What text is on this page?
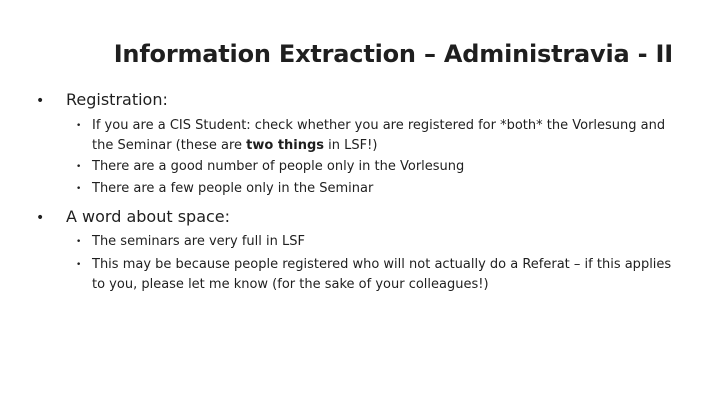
Information Extraction – Administravia - II
•	Registration:
• If you are a CIS Student: check whether you are registered for *both* the Vorlesung and the Seminar (these are two things in LSF!)
• There are a good number of people only in the Vorlesung
• There are a few people only in the Seminar
•	A word about space:
• The seminars are very full in LSF
• This may be because people registered who will not actually do a Referat – if this applies to you, please let me know (for the sake of your colleagues!)
